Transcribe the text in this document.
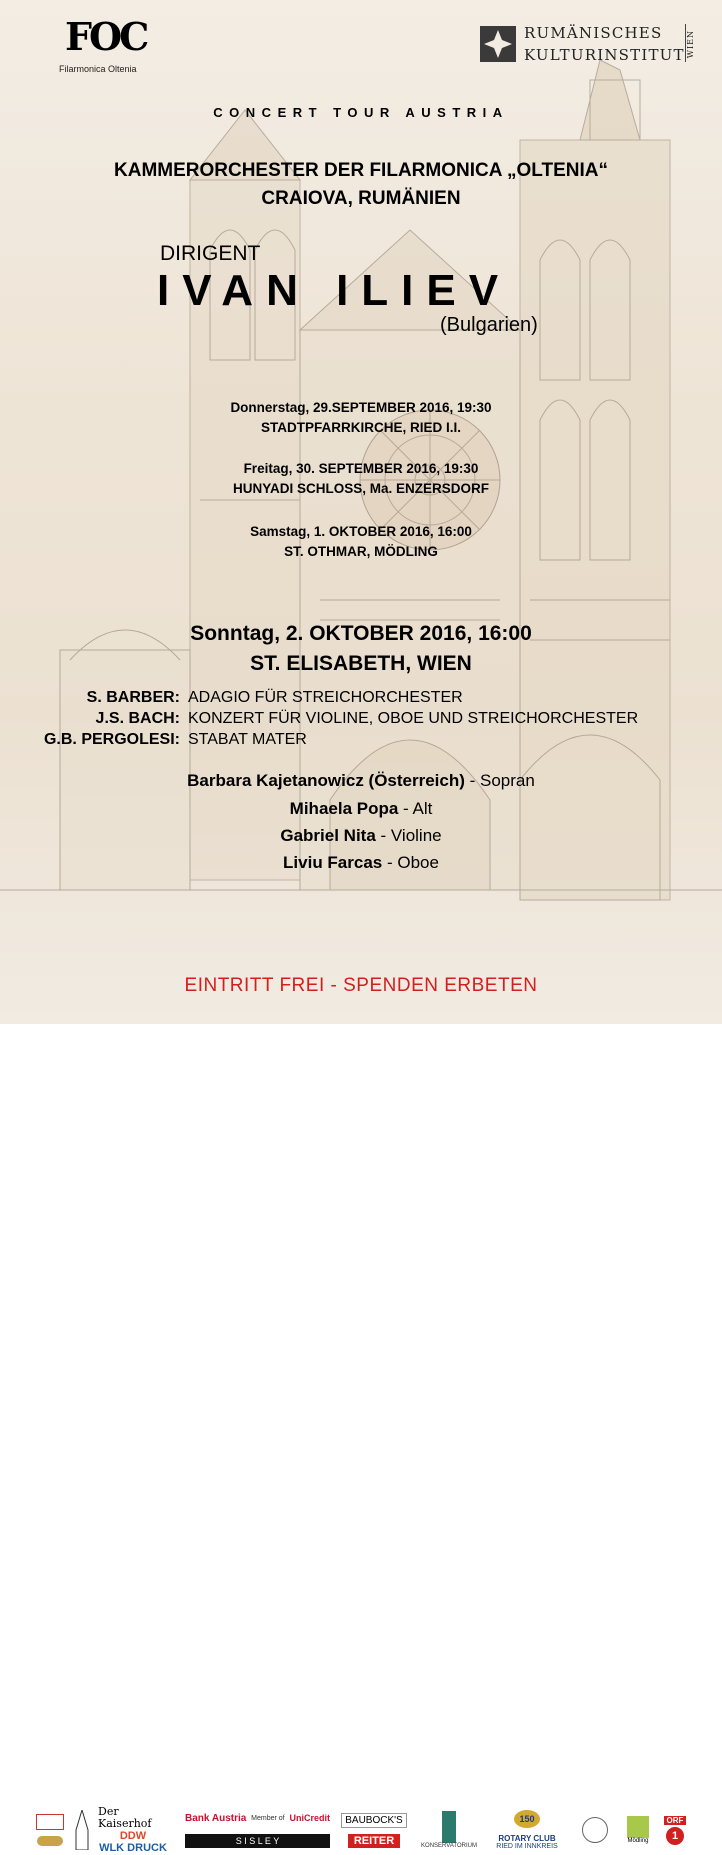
FOC
Filarmonica Oltenia
RUMÄNISCHES
KULTURINSTITUT WIEN
CONCERT TOUR AUSTRIA
KAMMERORCHESTER DER FILARMONICA „OLTENIA“
CRAIOVA, RUMÄNIEN
DIRIGENT
IVAN ILIEV
(Bulgarien)
Donnerstag, 29.SEPTEMBER 2016, 19:30
STADTPFARRKIRCHE, RIED I.I.
Freitag, 30. SEPTEMBER 2016, 19:30
HUNYADI SCHLOSS, Ma. ENZERSDORF
Samstag, 1. OKTOBER 2016, 16:00
ST. OTHMAR, MÖDLING
Sonntag, 2. OKTOBER 2016, 16:00
ST. ELISABETH, WIEN
S. BARBER: ADAGIO FÜR STREICHORCHESTER
J.S. BACH: KONZERT FÜR VIOLINE, OBOE UND STREICHORCHESTER
G.B. PERGOLESI: STABAT MATER
Barbara Kajetanowicz (Österreich) - Sopran
Mihaela Popa - Alt
Gabriel Nita - Violine
Liviu Farcas - Oboe
Der Kaiserhof
DDW
WLK DRUCK
Bank Austria Member of UniCredit
S I S L E Y
BAUBOCK'S
REITER	KONSERVATORIUM
150
ROTARY CLUB
RIED IM INNKREIS
Mödling
ORF
1
EINTRITT FREI - SPENDEN ERBETEN
